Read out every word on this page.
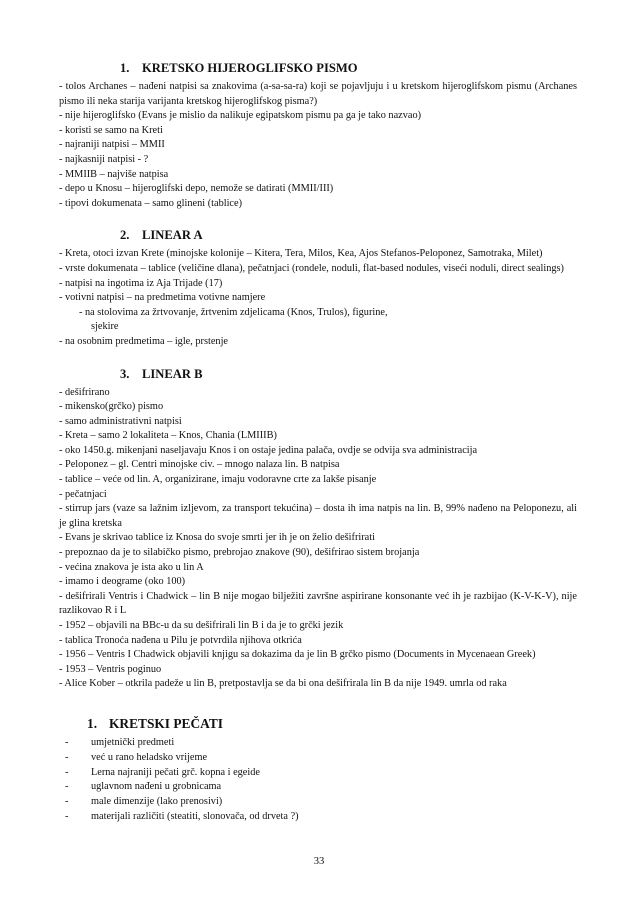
1. KRETSKO HIJEROGLIFSKO PISMO

- tolos Archanes – nađeni natpisi sa znakovima (a-sa-sa-ra) koji se pojavljuju i u kretskom hijeroglifskom pismu (Archanes pismo ili neka starija varijanta kretskog hijeroglifskog pisma?)

- nije hijeroglifsko (Evans je mislio da nalikuje egipatskom pismu pa ga je tako nazvao)

- koristi se samo na Kreti

- najraniji natpisi – MMII

- najkasniji natpisi - ?

- MMIIB – najviše natpisa

- depo u Knosu – hijeroglifski depo, nemože se datirati (MMII/III)

- tipovi dokumenata – samo glineni (tablice)

2. LINEAR A

- Kreta, otoci izvan Krete (minojske kolonije – Kitera, Tera, Milos, Kea, Ajos Stefanos-Peloponez, Samotraka, Milet)

- vrste dokumenata – tablice (veličine dlana), pečatnjaci (rondele, noduli, flat-based nodules, viseći noduli, direct sealings)

- natpisi na ingotima iz Aja Trijade (17)

- votivni natpisi – na predmetima votivne namjere

- na stolovima za žrtvovanje, žrtvenim zdjelicama (Knos, Trulos), figurine,

sjekire

- na osobnim predmetima – igle, prstenje

3. LINEAR B

- dešifrirano

- mikensko(grčko) pismo

- samo administrativni natpisi

- Kreta – samo 2 lokaliteta – Knos, Chania (LMIIIB)

- oko 1450.g. mikenjani naseljavaju Knos i on ostaje jedina palača, ovdje se odvija sva administracija

- Peloponez – gl. Centri minojske civ. – mnogo nalaza lin. B natpisa

- tablice – veće od lin. A, organizirane, imaju vodoravne crte za lakše pisanje

- pečatnjaci

- stirrup jars (vaze sa lažnim izljevom, za transport tekućina) – dosta ih ima natpis na lin. B, 99% nađeno na Peloponezu, ali je glina kretska

- Evans je skrivao tablice iz Knosa do svoje smrti jer ih je on želio dešifrirati

- prepoznao da je to silabičko pismo, prebrojao znakove (90), dešifrirao sistem brojanja

- većina znakova je ista ako u lin A

- imamo i deograme (oko 100)

- dešifrirali Ventris i Chadwick – lin B nije mogao bilježiti završne aspirirane konsonante već ih je razbijao (K-V-K-V), nije razlikovao R i L

- 1952 – objavili na BBc-u da su dešifrirali lin B i da je to grčki jezik

- tablica Tronoća nađena u Pilu je potvrdila njihova otkrića

- 1956 – Ventris I Chadwick objavili knjigu sa dokazima da je lin B grčko pismo (Documents in Mycenaean Greek)

- 1953 – Ventris poginuo

- Alice Kober – otkrila padeže u lin B, pretpostavlja se da bi ona dešifrirala lin B da nije 1949. umrla od raka

1. KRETSKI PEČATI
-	umjetnički predmeti
-	već u rano heladsko vrijeme
-	Lerna najraniji pečati grč. kopna i egeide
-	uglavnom nađeni u grobnicama
-	male dimenzije (lako prenosivi)
-	materijali različiti (steatiti, slonovača, od drveta ?)
33
